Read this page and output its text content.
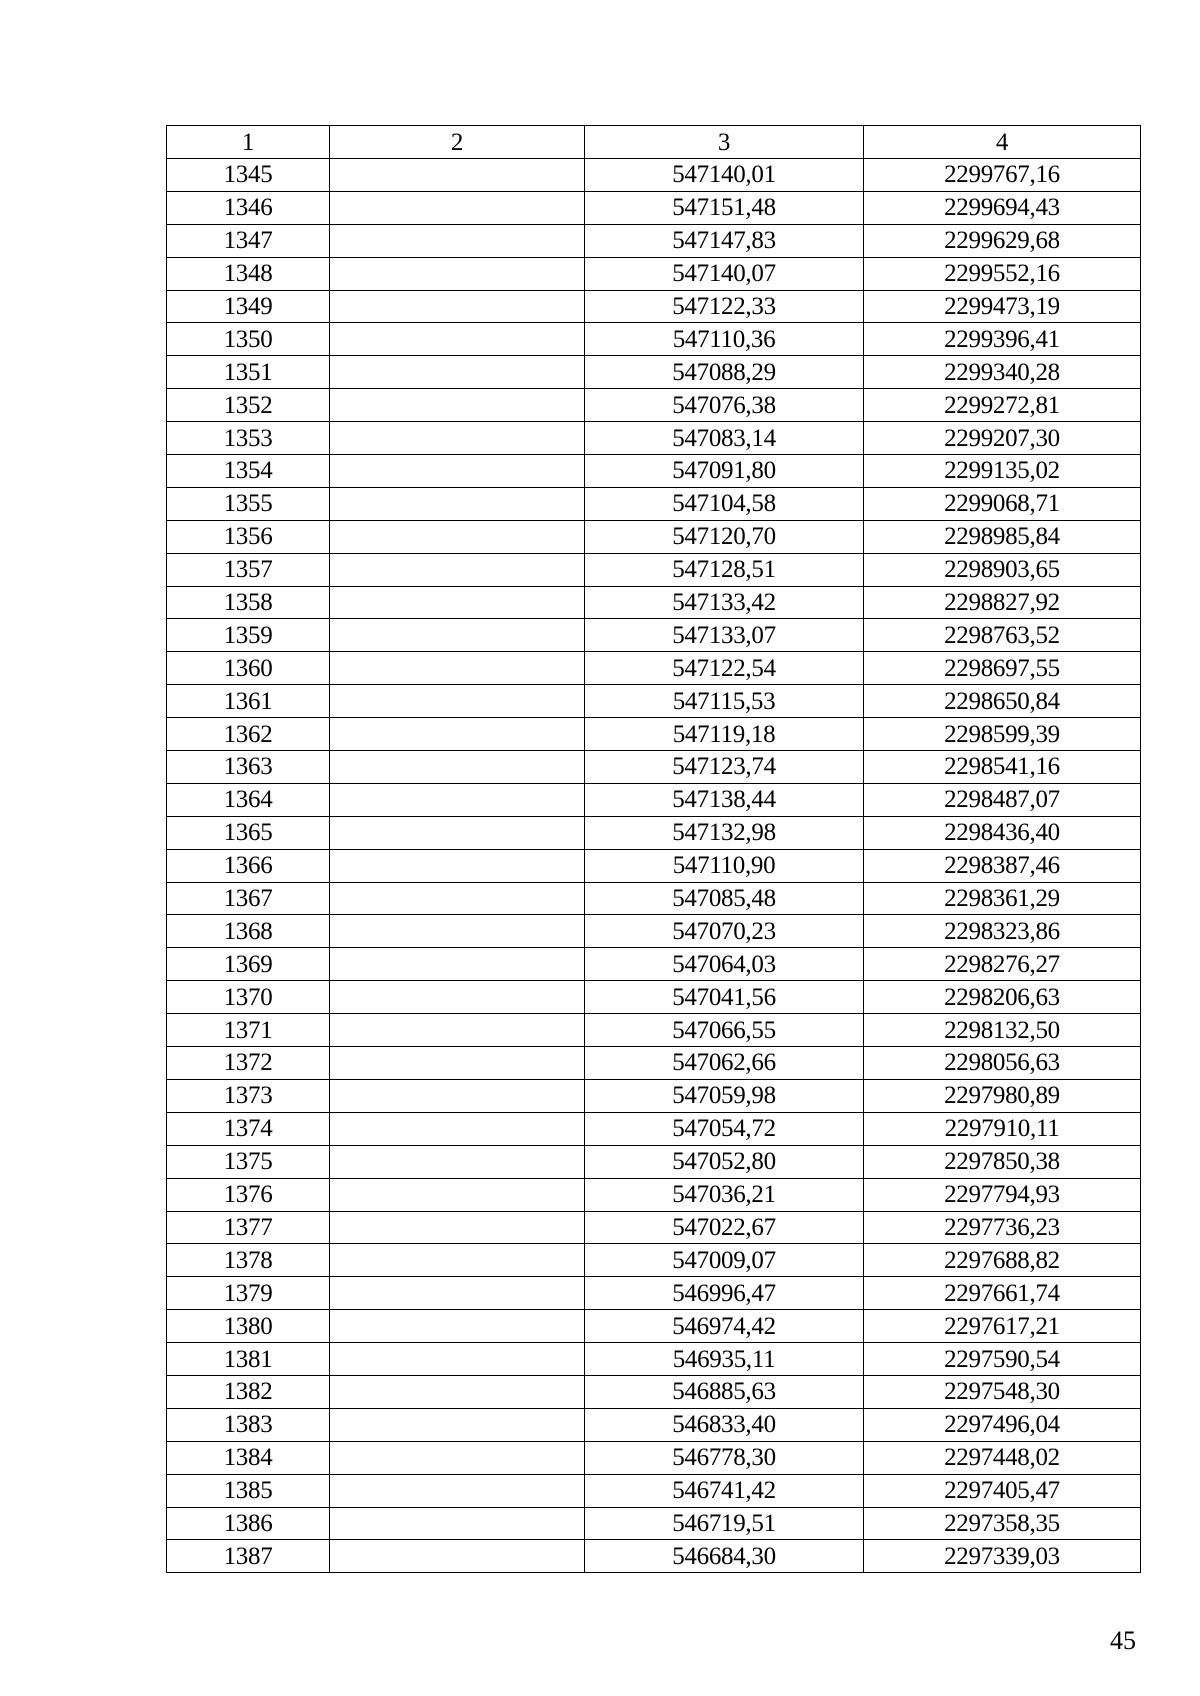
1	2	3	4
1345		547140,01	2299767,16
1346		547151,48	2299694,43
1347		547147,83	2299629,68
1348		547140,07	2299552,16
1349		547122,33	2299473,19
1350		547110,36	2299396,41
1351		547088,29	2299340,28
1352		547076,38	2299272,81
1353		547083,14	2299207,30
1354		547091,80	2299135,02
1355		547104,58	2299068,71
1356		547120,70	2298985,84
1357		547128,51	2298903,65
1358		547133,42	2298827,92
1359		547133,07	2298763,52
1360		547122,54	2298697,55
1361		547115,53	2298650,84
1362		547119,18	2298599,39
1363		547123,74	2298541,16
1364		547138,44	2298487,07
1365		547132,98	2298436,40
1366		547110,90	2298387,46
1367		547085,48	2298361,29
1368		547070,23	2298323,86
1369		547064,03	2298276,27
1370		547041,56	2298206,63
1371		547066,55	2298132,50
1372		547062,66	2298056,63
1373		547059,98	2297980,89
1374		547054,72	2297910,11
1375		547052,80	2297850,38
1376		547036,21	2297794,93
1377		547022,67	2297736,23
1378		547009,07	2297688,82
1379		546996,47	2297661,74
1380		546974,42	2297617,21
1381		546935,11	2297590,54
1382		546885,63	2297548,30
1383		546833,40	2297496,04
1384		546778,30	2297448,02
1385		546741,42	2297405,47
1386		546719,51	2297358,35
1387		546684,30	2297339,03
45
